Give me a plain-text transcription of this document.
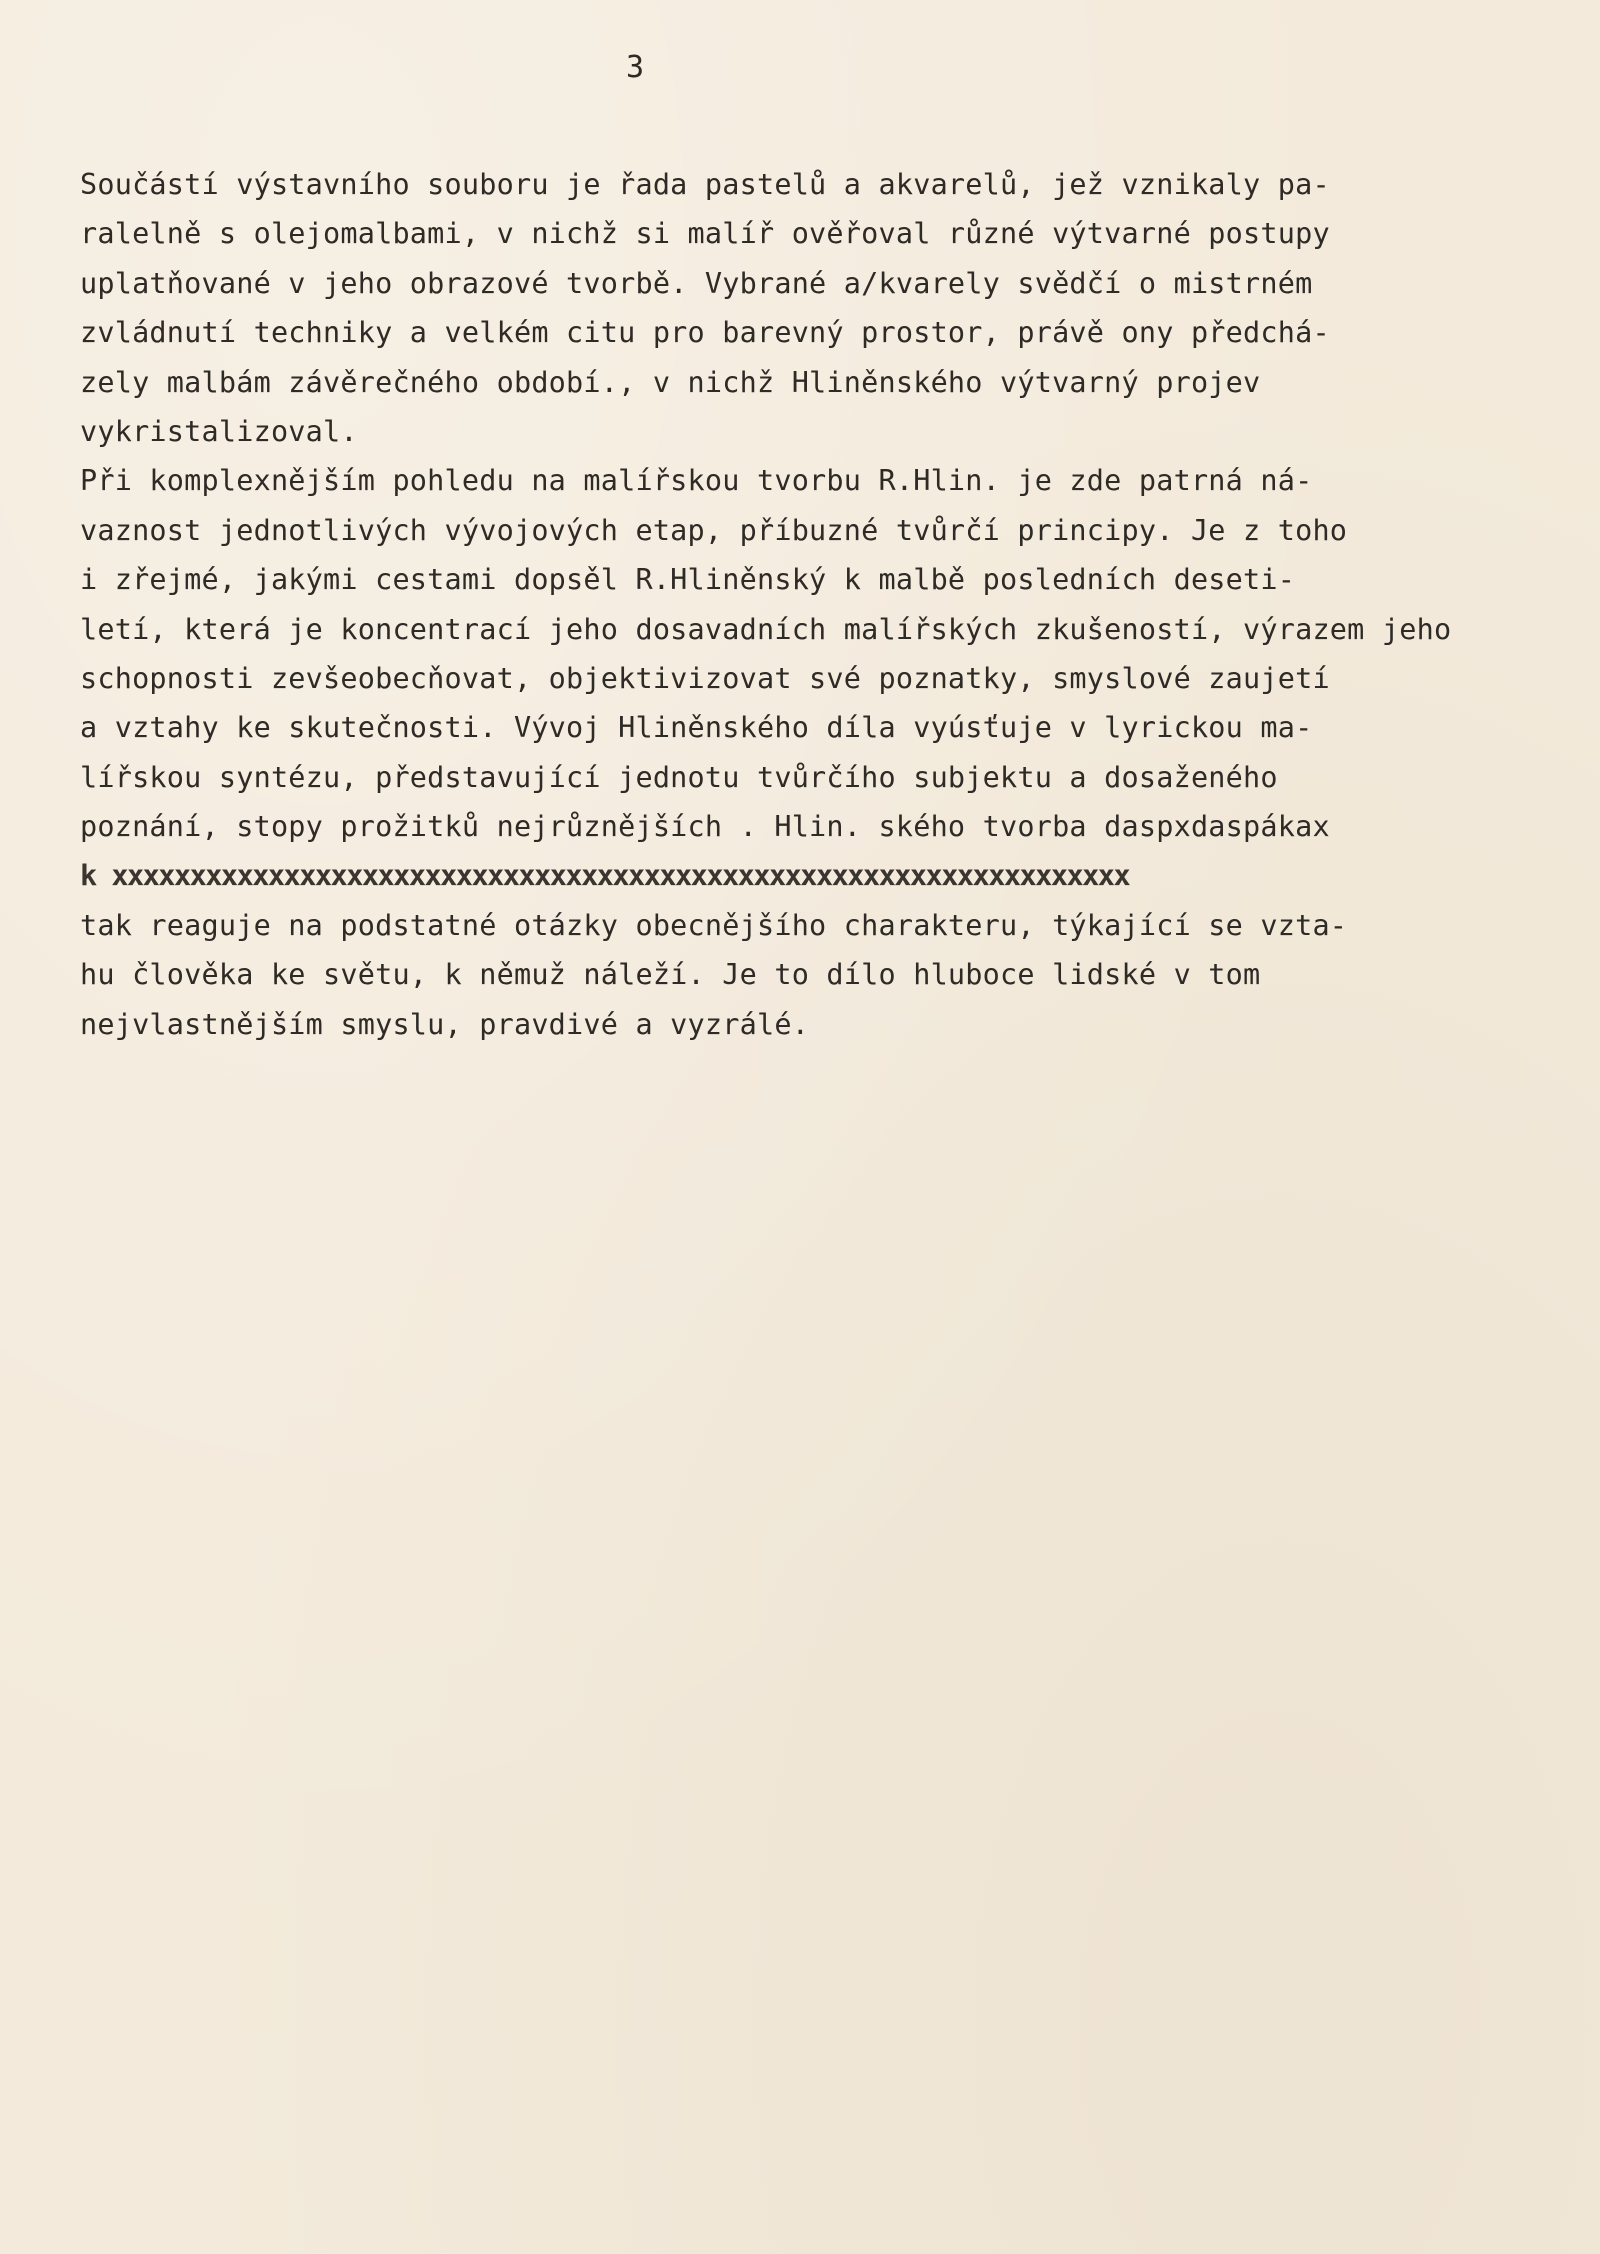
3
Součástí výstavního souboru je řada pastelů a akvarelů, jež vznikaly pa-
ralelně s olejomalbami, v nichž si malíř ověřoval různé výtvarné postupy
uplatňované v jeho obrazové tvorbě. Vybrané a/kvarely svědčí o mistrném
zvládnutí techniky a velkém citu pro barevný prostor, právě ony předchá-
zely malbám závěrečného období., v nichž Hliněnského výtvarný projev
vykristalizoval.
Při komplexnějším pohledu na malířskou tvorbu R.Hlin. je zde patrná ná-
vaznost jednotlivých vývojových etap, příbuzné tvůrčí principy. Je z toho
i zřejmé, jakými cestami dopsěl R.Hliněnský k malbě posledních deseti-
letí, která je koncentrací jeho dosavadních malířských zkušeností, výrazem jeho
schopnosti zevšeobecňovat, objektivizovat své poznatky, smyslové zaujetí
a vztahy ke skutečnosti. Vývoj Hliněnského díla vyúsťuje v lyrickou ma-
lířskou syntézu, představující jednotu tvůrčího subjektu a dosaženého
poznání, stopy prožitků nejrůznějších . Hlin. ského tvorba daspxdaspákax
k xxxxxxxxxxxxxxxxxxxxxxxxxxxxxxxxxxxxxxxxxxxxxxxxxxxxxxxxxxxxxxxxx
tak reaguje na podstatné otázky obecnějšího charakteru, týkající se vzta-
hu člověka ke světu, k němuž náleží. Je to dílo hluboce lidské v tom
nejvlastnějším smyslu, pravdivé a vyzrálé.
